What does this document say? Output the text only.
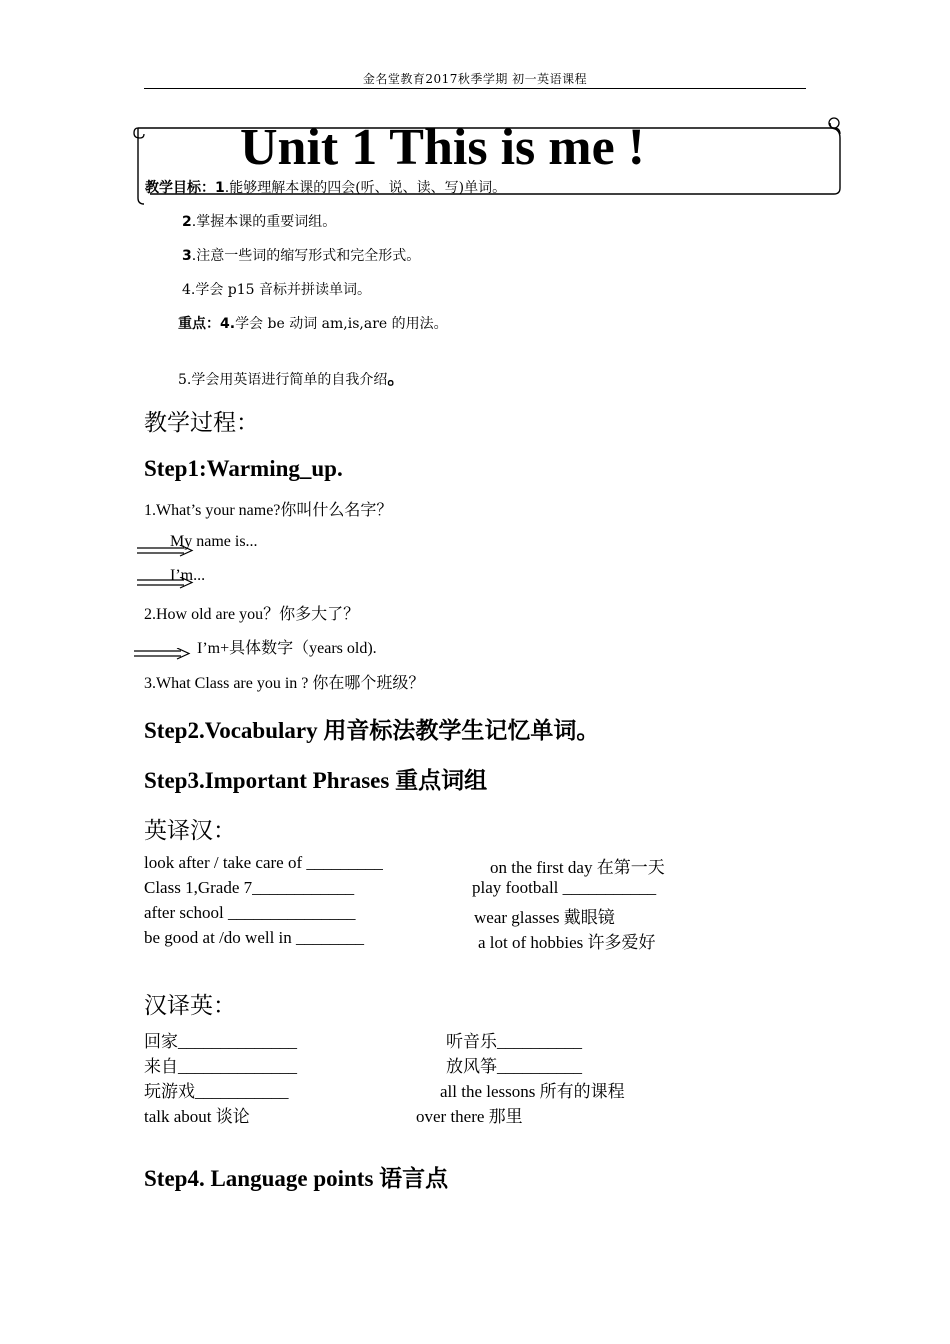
金名堂教育2017秋季学期 初一英语课程
Unit 1 This is me !
教学目标：1.能够理解本课的四会(听、说、读、写)单词。
2.掌握本课的重要词组。
3.注意一些词的缩写形式和完全形式。
4.学会 p15 音标并拼读单词。
重点：4.学会 be 动词 am,is,are 的用法。
5.学会用英语进行简单的自我介绍。
教学过程：
Step1:Warming_up.
1.What’s your name?你叫什么名字？
My name is...
I’m...
2.How old are you？你多大了？
I’m+具体数字（years old).
3.What Class are you in ? 你在哪个班级？
Step2.Vocabulary 用音标法教学生记忆单词。
Step3.Important Phrases 重点词组
英译汉：
look after / take care of _________
Class 1,Grade 7____________
after school _______________
be good at /do well in ________
on the first day 在第一天
play football ___________
wear glasses 戴眼镜
a lot of hobbies 许多爱好
汉译英：
回家______________
来自______________
玩游戏___________
talk about 谈论
听音乐__________
放风筝__________
all the lessons 所有的课程
over there 那里
Step4. Language points 语言点
